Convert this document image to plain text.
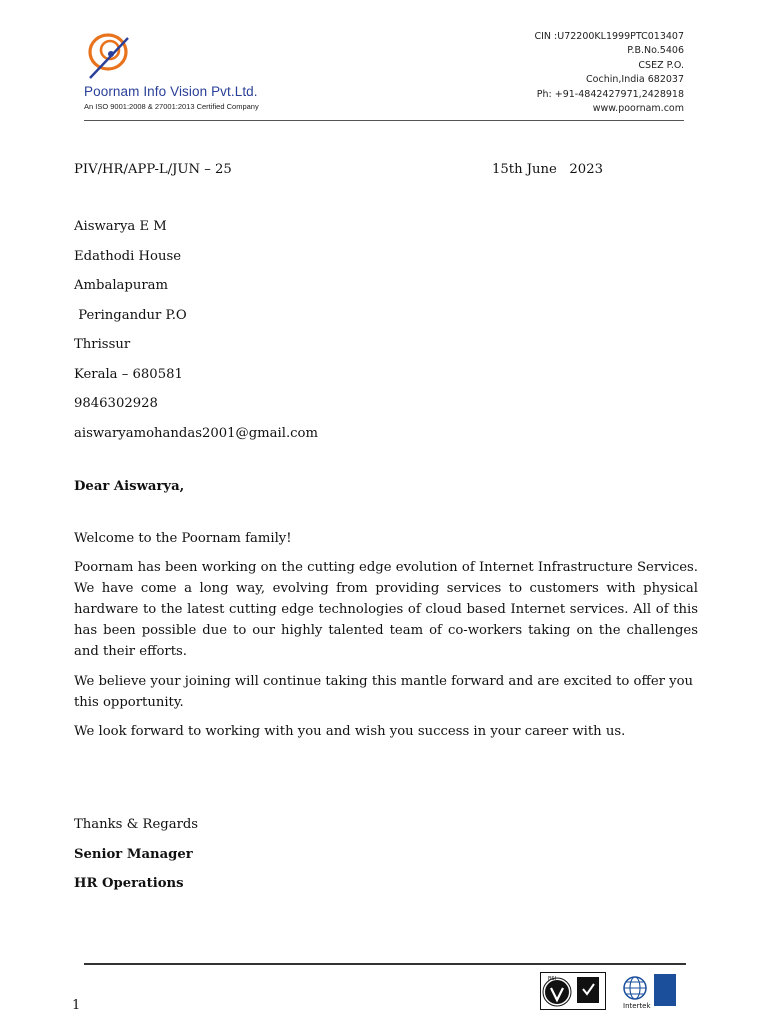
Poornam Info Vision Pvt.Ltd.
An ISO 9001:2008 & 27001:2013 Certified Company
CIN :U72200KL1999PTC013407
P.B.No.5406
CSEZ P.O.
Cochin,India 682037
Ph: +91-4842427971,2428918
www.poornam.com
PIV/HR/APP-L/JUN – 25	15th June   2023
Aiswarya E M
Edathodi House
Ambalapuram
Peringandur P.O
Thrissur
Kerala – 680581
9846302928
aiswaryamohandas2001@gmail.com
Dear Aiswarya,
Welcome to the Poornam family!
Poornam has been working on the cutting edge evolution of Internet Infrastructure Services. We have come a long way, evolving from providing services to customers with physical hardware to the latest cutting edge technologies of cloud based Internet services. All of this has been possible due to our highly talented team of co-workers taking on the challenges and their efforts.
We believe your joining will continue taking this mantle forward and are excited to offer you this opportunity.
We look forward to working with you and wish you success in your career with us.
Thanks & Regards
Senior Manager
HR Operations
1
BSI
Intertek
